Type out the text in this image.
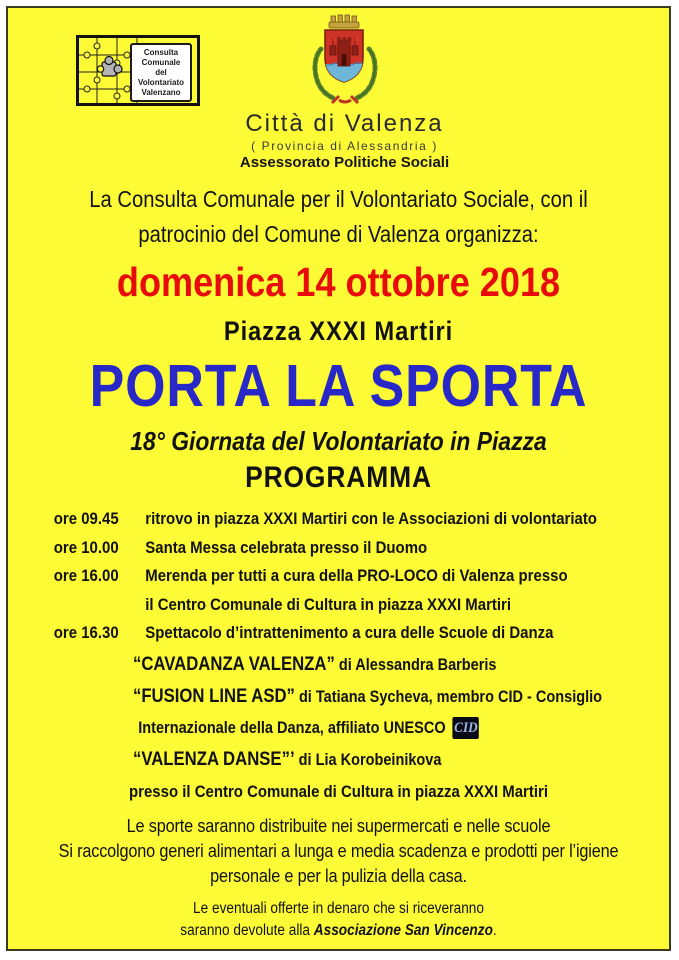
Consulta
Comunale
del
Volontariato
Valenzano
Città di Valenza
( Provincia di Alessandria )
Assessorato Politiche Sociali
La Consulta Comunale per il Volontariato Sociale, con il
patrocinio del Comune di Valenza organizza:
domenica 14 ottobre 2018
Piazza XXXI Martiri
PORTA LA SPORTA
18° Giornata del Volontariato in Piazza
PROGRAMMA
ore 09.45	ritrovo in piazza XXXI Martiri con le Associazioni di volontariato
ore 10.00	Santa Messa celebrata presso il Duomo
ore 16.00	Merenda per tutti a cura della PRO-LOCO di Valenza presso
il Centro Comunale di Cultura in piazza XXXI Martiri
ore 16.30	Spettacolo d’intrattenimento a cura delle Scuole di Danza
“CAVADANZA VALENZA” di Alessandra Barberis
“FUSION LINE ASD” di Tatiana Sycheva, membro CID - Consiglio
Internazionale della Danza, affiliato UNESCO CID
“VALENZA DANSE”’ di Lia Korobeinikova
presso il Centro Comunale di Cultura in piazza XXXI Martiri
Le sporte saranno distribuite nei supermercati e nelle scuole
Si raccolgono generi alimentari a lunga e media scadenza e prodotti per l’igiene
personale e per la pulizia della casa.
Le eventuali offerte in denaro che si riceveranno
saranno devolute alla Associazione San Vincenzo.
